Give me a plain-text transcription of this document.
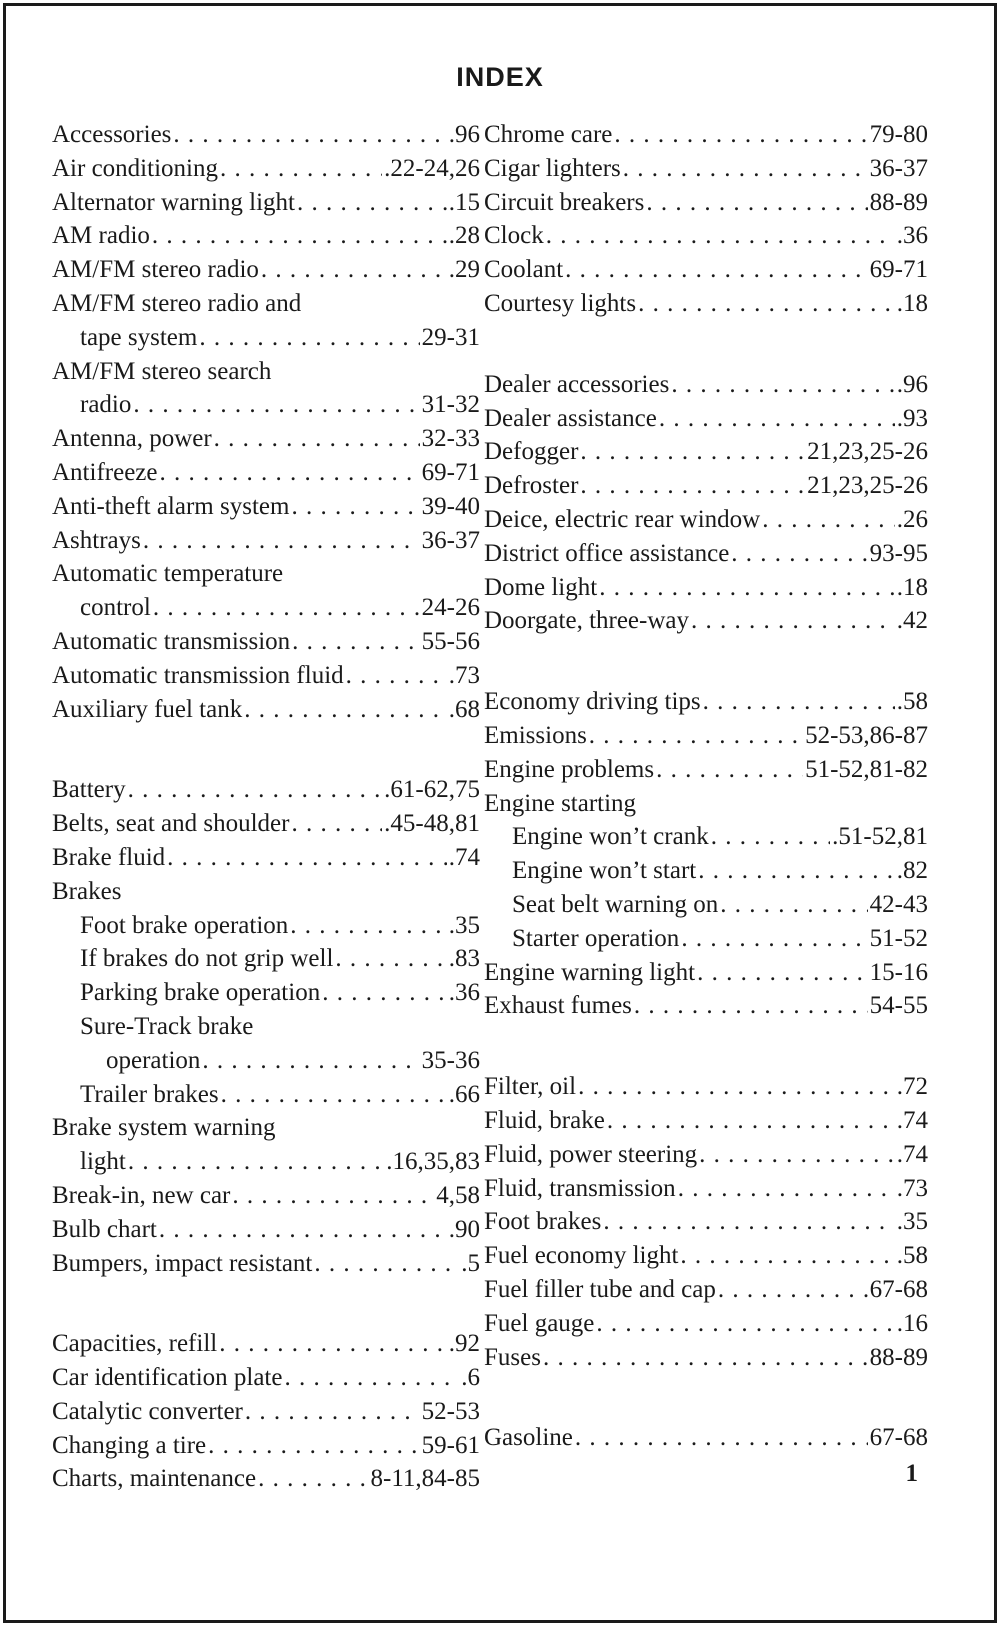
INDEX
Accessories . . .	.96
Air conditioning . . .	.22-24,26
Alternator warning light . . .	.15
AM radio . . .	.28
AM/FM stereo radio . . .	.29
AM/FM stereo radio and
tape system . . .	29-31
AM/FM stereo search
radio . . .	31-32
Antenna, power . . .	32-33
Antifreeze . . .	69-71
Anti-theft alarm system . . .	39-40
Ashtrays . . .	36-37
Automatic temperature
control . . .	24-26
Automatic transmission . . .	55-56
Automatic transmission fluid . . .	.73
Auxiliary fuel tank . . .	.68
Battery . . .	.61-62,75
Belts, seat and shoulder . . .	.45-48,81
Brake fluid . . .	.74
Brakes
Foot brake operation . . .	.35
If brakes do not grip well . . .	.83
Parking brake operation . . .	.36
Sure-Track brake
operation . . .	35-36
Trailer brakes . . .	.66
Brake system warning
light . . .	.16,35,83
Break-in, new car . . .	4,58
Bulb chart . . .	.90
Bumpers, impact resistant . . .	.5
Capacities, refill . . .	.92
Car identification plate . . .	.6
Catalytic converter . . .	52-53
Changing a tire . . .	59-61
Charts, maintenance . . .	8-11,84-85
Chrome care . . .	79-80
Cigar lighters . . .	36-37
Circuit breakers . . .	88-89
Clock . . .	.36
Coolant . . .	69-71
Courtesy lights . . .	.18
Dealer accessories . . .	.96
Dealer assistance . . .	.93
Defogger . . .	21,23,25-26
Defroster . . .	21,23,25-26
Deice, electric rear window . . .	.26
District office assistance . . .	93-95
Dome light . . .	.18
Doorgate, three-way . . .	.42
Economy driving tips . . .	.58
Emissions . . .	52-53,86-87
Engine problems . . .	51-52,81-82
Engine starting
Engine won’t crank . . .	.51-52,81
Engine won’t start . . .	.82
Seat belt warning on . . .	42-43
Starter operation . . .	51-52
Engine warning light . . .	15-16
Exhaust fumes . . .	54-55
Filter, oil . . .	.72
Fluid, brake . . .	.74
Fluid, power steering . . .	.74
Fluid, transmission . . .	.73
Foot brakes . . .	.35
Fuel economy light . . .	.58
Fuel filler tube and cap . . .	67-68
Fuel gauge . . .	.16
Fuses . . .	88-89
Gasoline . . .	67-68
1
